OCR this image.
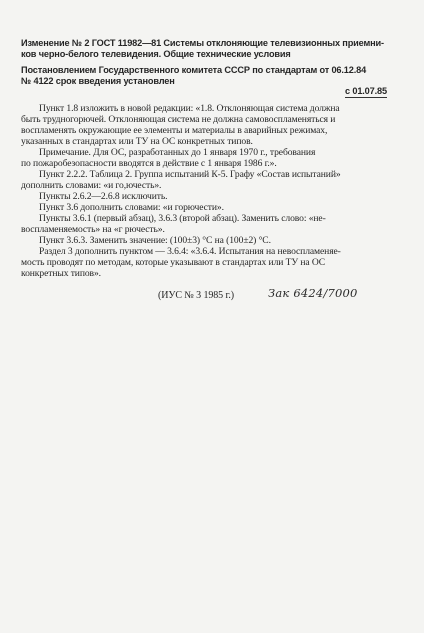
Изменение № 2 ГОСТ 11982—81 Системы отклоняющие телевизионных приемни-
ков черно-белого телевидения. Общие технические условия
Постановлением Государственного комитета СССР по стандартам от 06.12.84
№ 4122 срок введения установлен
с 01.07.85
Пункт 1.8 изложить в новой редакции: «1.8. Отклоняющая система должна
быть трудногорючей. Отклоняющая система не должна самовоспламеняться и
воспламенять окружающие ее элементы и материалы в аварийных режимах,
указанных в стандартах или ТУ на ОС конкретных типов.
Примечание. Для ОС, разработанных до 1 января 1970 г., требования
по пожаробезопасности вводятся в действие с 1 января 1986 г.».
Пункт 2.2.2. Таблица 2. Группа испытаний К-5. Графу «Состав испытаний»
дополнить словами: «и го,ючесть».
Пункты 2.6.2—2.6.8 исключить.
Пункт 3.6 дополнить словами: «и горючести».
Пункты 3.6.1 (первый абзац), 3.6.3 (второй абзац). Заменить слово: «не-
воспламеняемость» на «г рючесть».
Пункт 3.6.3. Заменить значение: (100±3) °С на (100±2) °С.
Раздел 3 дополнить пунктом — 3.6.4: «3.6.4. Испытания на невоспламеняе-
мость проводят по методам, которые указывают в стандартах или ТУ на ОС
конкретных типов».
(ИУС № 3 1985 г.)	Зак 6424/7000
